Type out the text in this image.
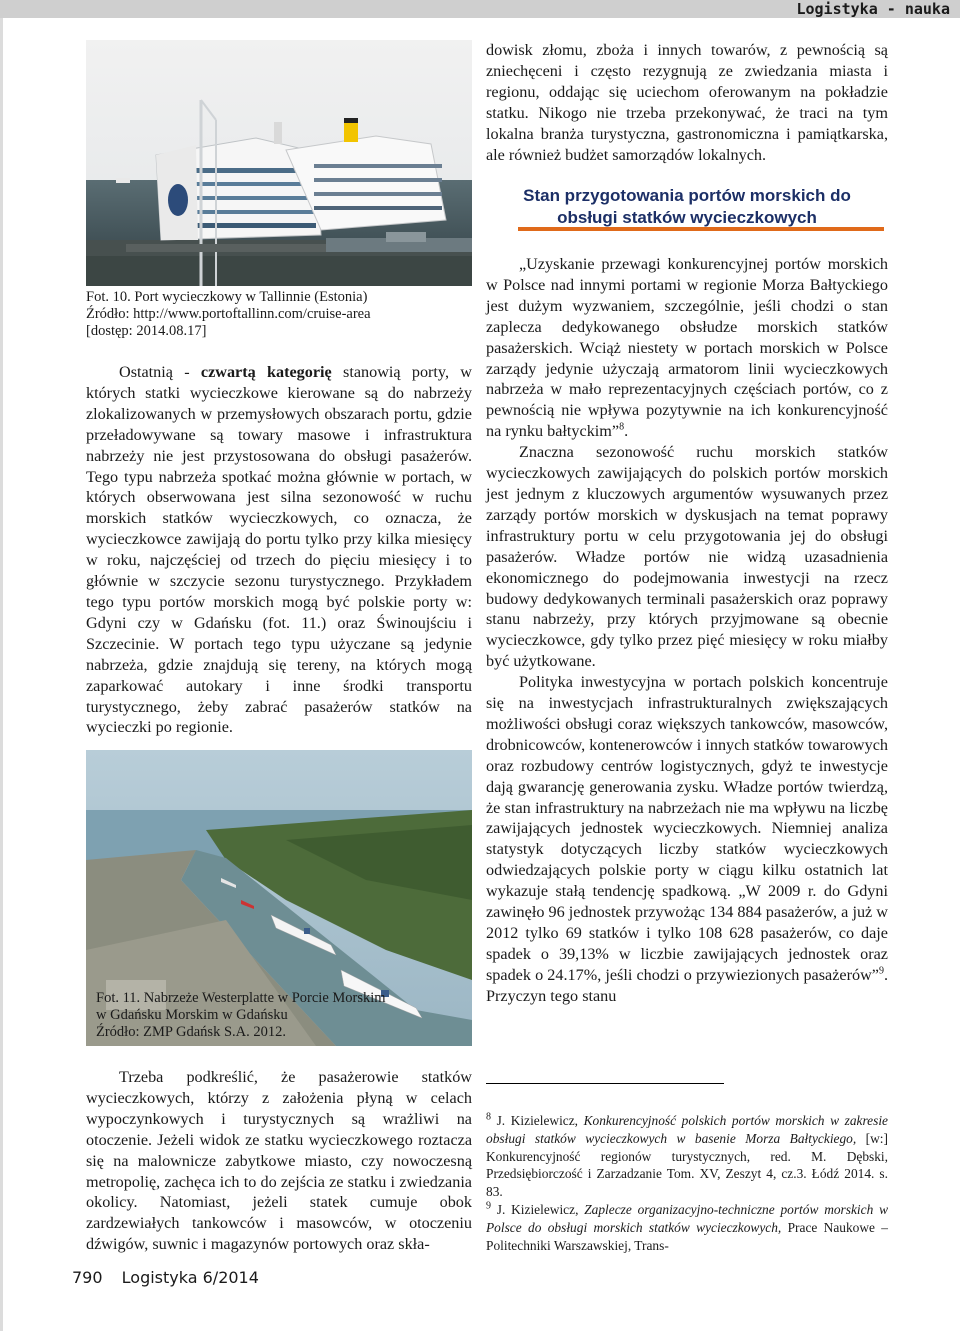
Logistyka - nauka
Fot. 10. Port wycieczkowy w Tallinnie (Estonia)
Źródło: http://www.portoftallinn.com/cruise-area
[dostęp: 2014.08.17]

Ostatnią - czwartą kategorię stanowią porty, w których statki wycieczkowe kierowane są do nabrzeży zlokalizowanych w przemysłowych obszarach portu, gdzie przeładowywane są towary masowe i infrastruktura nabrzeży nie jest przystosowana do obsługi pasażerów. Tego typu nabrzeża spotkać można głównie w portach, w których obserwowana jest silna sezonowość w ruchu morskich statków wycieczkowych, co oznacza, że wycieczkowce zawijają do portu tylko przy kilka miesięcy w roku, najczęściej od trzech do pięciu miesięcy i to głównie w szczycie sezonu turystycznego. Przykładem tego typu portów morskich mogą być polskie porty w: Gdyni czy w Gdańsku (fot. 11.) oraz Świnoujściu i Szczecinie. W portach tego typu użyczane są jedynie nabrzeża, gdzie znajdują się tereny, na których mogą zaparkować autokary i inne środki transportu turystycznego, żeby zabrać pasażerów statków na wycieczki po regionie.

Fot. 11. Nabrzeże Westerplatte w Porcie Morskim
w Gdańsku Morskim w Gdańsku
Źródło: ZMP Gdańsk S.A. 2012.

Trzeba podkreślić, że pasażerowie statków wycieczkowych, którzy z założenia płyną w celach wypoczynkowych i turystycznych są wrażliwi na otoczenie. Jeżeli widok ze statku wycieczkowego roztacza się na malownicze zabytkowe miasto, czy nowoczesną metropolię, zachęca ich to do zejścia ze statku i zwiedzania okolicy. Natomiast, jeżeli statek cumuje obok zardzewiałych tankowców i masowców, w otoczeniu dźwigów, suwnic i magazynów portowych oraz skła-

dowisk złomu, zboża i innych towarów, z pewnością są zniechęceni i często rezygnują ze zwiedzania miasta i regionu, oddając się uciechom oferowanym na pokładzie statku. Nikogo nie trzeba przekonywać, że traci na tym lokalna branża turystyczna, gastronomiczna i pamiątkarska, ale również budżet samorządów lokalnych.

Stan przygotowania portów morskich do
obsługi statków wycieczkowych

„Uzyskanie przewagi konkurencyjnej portów morskich w Polsce nad innymi portami w regionie Morza Bałtyckiego jest dużym wyzwaniem, szczególnie, jeśli chodzi o stan zaplecza dedykowanego obsłudze morskich statków pasażerskich. Wciąż niestety w portach morskich w Polsce zarządy jedynie użyczają armatorom linii wycieczkowych nabrzeża w mało reprezentacyjnych częściach portów, co z pewnością nie wpływa pozytywnie na ich konkurencyjność na rynku bałtyckim”$^8$.

Znaczna sezonowość ruchu morskich statków wycieczkowych zawijających do polskich portów morskich jest jednym z kluczowych argumentów wysuwanych przez zarządy portów morskich w dyskusjach na temat poprawy infrastruktury portu w celu przygotowania jej do obsługi pasażerów. Władze portów nie widzą uzasadnienia ekonomicznego do podejmowania inwestycji na rzecz budowy dedykowanych terminali pasażerskich oraz poprawy stanu nabrzeży, przy których przyjmowane są obecnie wycieczkowce, gdy tylko przez pięć miesięcy w roku miałby być użytkowane.

Polityka inwestycyjna w portach polskich koncentruje się na inwestycjach infrastrukturalnych zwiększających możliwości obsługi coraz większych tankowców, masowców, drobnicowców, kontenerowców i innych statków towarowych oraz rozbudowy centrów logistycznych, gdyż te inwestycje dają gwarancję generowania zysku. Władze portów twierdzą, że stan infrastruktury na nabrzeżach nie ma wpływu na liczbę zawijających jednostek wycieczkowych. Niemniej analiza statystyk dotyczących liczby statków wycieczkowych odwiedzających polskie porty w ciągu kilku ostatnich lat wykazuje stałą tendencję spadkową. „W 2009 r. do Gdyni zawinęło 96 jednostek przywożąc 134 884 pasażerów, a już w 2012 tylko 69 statków i tylko 108 628 pasażerów, co daje spadek o 39,13% w liczbie zawijających jednostek oraz spadek o 24.17%, jeśli chodzi o przywiezionych pasażerów”$^9$. Przyczyn tego stanu

$^8$ J. Kizielewicz, Konkurencyjność polskich portów morskich w zakresie obsługi statków wycieczkowych w basenie Morza Bałtyckiego, [w:] Konkurencyjność regionów turystycznych, red. M. Dębski, Przedsiębiorczość i Zarzadzanie Tom. XV, Zeszyt 4, cz.3. Łódź 2014. s. 83.
$^9$ J. Kizielewicz, Zaplecze organizacyjno-techniczne portów morskich w Polsce do obsługi morskich statków wycieczkowych, Prace Naukowe – Politechniki Warszawskiej, Trans-
790 Logistyka 6/2014
